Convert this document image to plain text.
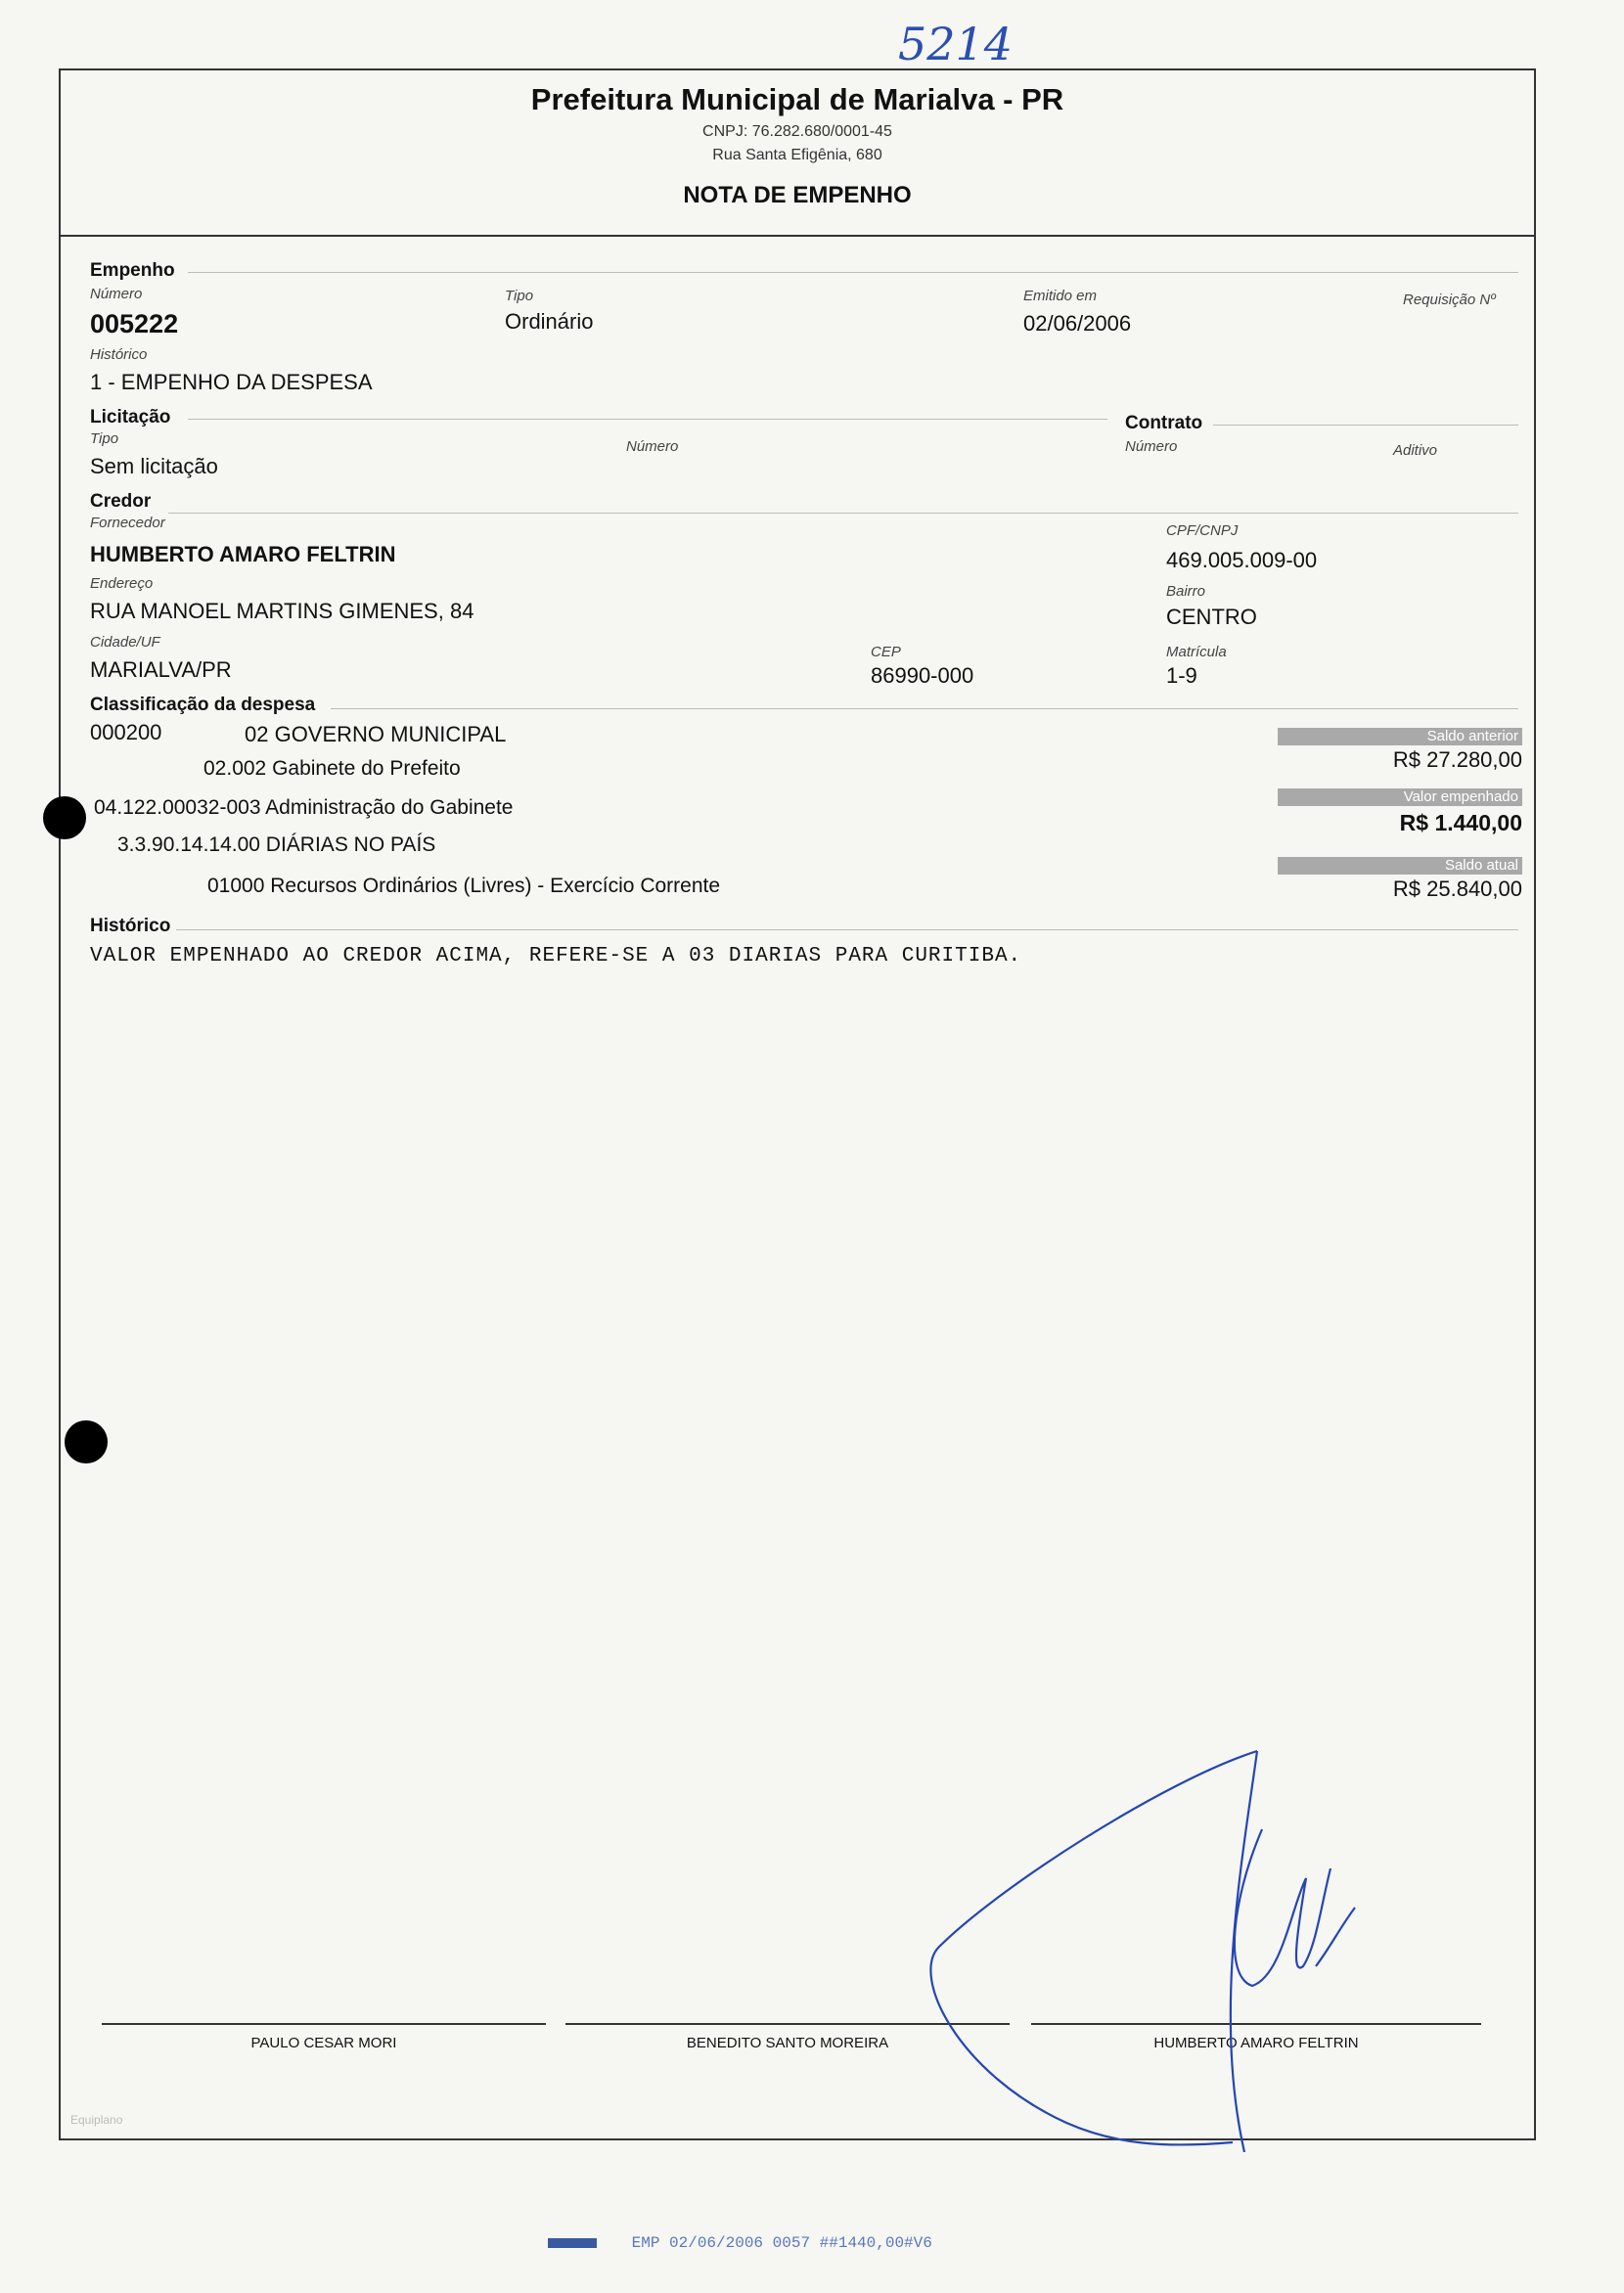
5214
Prefeitura Municipal de Marialva - PR
CNPJ: 76.282.680/0001-45
Rua Santa Efigênia, 680
NOTA DE EMPENHO
Empenho
Número
005222
Tipo
Ordinário
Emitido em
02/06/2006
Requisição Nº
Histórico
1 - EMPENHO DA DESPESA
Licitação
Tipo
Sem licitação
Número
Contrato
Número	Aditivo
Credor
Fornecedor
HUMBERTO AMARO FELTRIN
CPF/CNPJ
469.005.009-00
Endereço
RUA MANOEL MARTINS GIMENES, 84
Bairro
CENTRO
Cidade/UF
MARIALVA/PR
CEP
86990-000
Matrícula
1-9
Classificação da despesa
000200	02 GOVERNO MUNICIPAL
02.002 Gabinete do Prefeito
04.122.00032-003 Administração do Gabinete
3.3.90.14.14.00 DIÁRIAS NO PAÍS
01000 Recursos Ordinários (Livres) - Exercício Corrente
Saldo anterior
R$ 27.280,00
Valor empenhado
R$ 1.440,00
Saldo atual
R$ 25.840,00
Histórico
VALOR EMPENHADO AO CREDOR ACIMA, REFERE-SE A 03 DIARIAS PARA CURITIBA.
PAULO CESAR MORI	BENEDITO SANTO MOREIRA	HUMBERTO AMARO FELTRIN
Equiplano
EMP 02/06/2006 0057 ##1440,00#V6
